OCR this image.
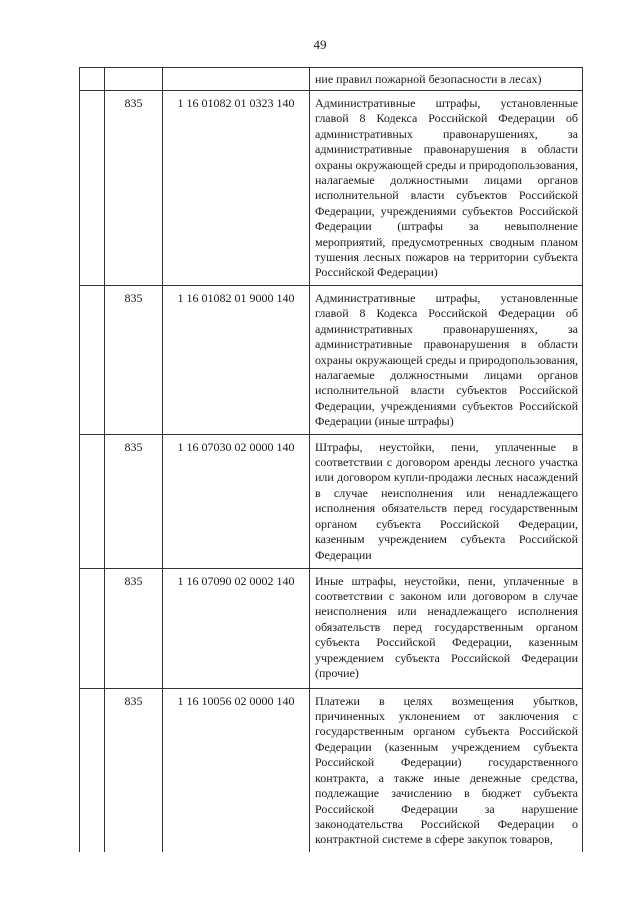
49
			ние правил пожарной безопасности в лесах)
	835	1 16 01082 01 0323 140	Административные штрафы, установленные главой 8 Кодекса Российской Федерации об административных правонарушениях, за административные правонарушения в области охраны окружающей среды и природопользования, налагаемые должностными лицами органов исполнительной власти субъектов Российской Федерации, учреждениями субъектов Российской Федерации (штрафы за невыполнение мероприятий, предусмотренных сводным планом тушения лесных пожаров на территории субъекта Российской Федерации)
	835	1 16 01082 01 9000 140	Административные штрафы, установленные главой 8 Кодекса Российской Федерации об административных правонарушениях, за административные правонарушения в области охраны окружающей среды и природопользования, налагаемые должностными лицами органов исполнительной власти субъектов Российской Федерации, учреждениями субъектов Российской Федерации (иные штрафы)
	835	1 16 07030 02 0000 140	Штрафы, неустойки, пени, уплаченные в соответствии с договором аренды лесного участка или договором купли-продажи лесных насаждений в случае неисполнения или ненадлежащего исполнения обязательств перед государственным органом субъекта Российской Федерации, казенным учреждением субъекта Российской Федерации
	835	1 16 07090 02 0002 140	Иные штрафы, неустойки, пени, уплаченные в соответствии с законом или договором в случае неисполнения или ненадлежащего исполнения обязательств перед государственным органом субъекта Российской Федерации, казенным учреждением субъекта Российской Федерации (прочие)
	835	1 16 10056 02 0000 140	Платежи в целях возмещения убытков, причиненных уклонением от заключения с государственным органом субъекта Российской Федерации (казенным учреждением субъекта Российской Федерации) государственного контракта, а также иные денежные средства, подлежащие зачислению в бюджет субъекта Российской Федерации за нарушение законодательства Российской Федерации о контрактной системе в сфере закупок товаров,
